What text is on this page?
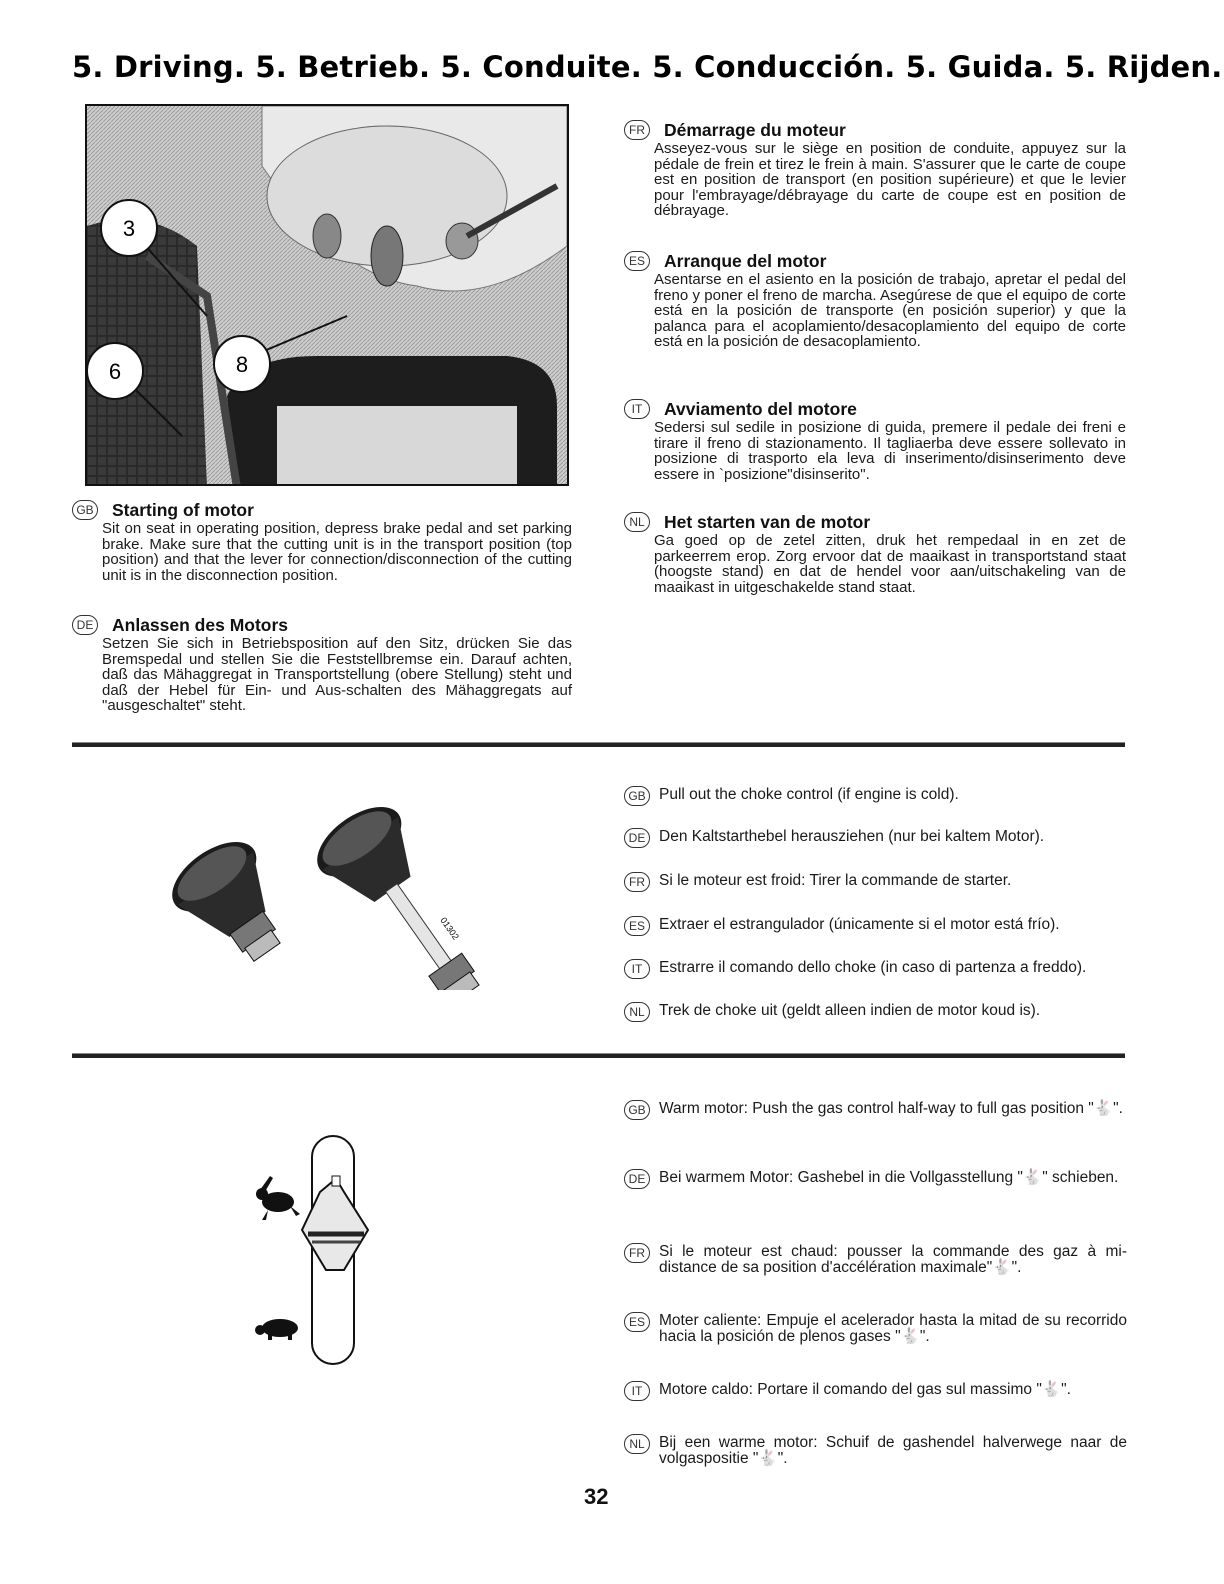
5. Driving. 5. Betrieb. 5. Conduite. 5. Conducción. 5. Guida. 5. Rijden.
3
6	8
GB Starting of motor
Sit on seat in operating position, depress brake pedal and set parking brake. Make sure that the cutting unit is in the transport position (top position) and that the lever for connection/disconnection of the cutting unit is in the disconnection position.
DE Anlassen des Motors
Setzen Sie sich in Betriebsposition auf den Sitz, drücken Sie das Bremspedal und stellen Sie die Feststellbremse ein. Darauf achten, daß das Mähaggregat in Transportstellung (obere Stellung) steht und daß der Hebel für Ein- und Aus-schalten des Mähaggregats auf "ausgeschaltet" steht.
FR Démarrage du moteur
Asseyez-vous sur le siège en position de conduite, appuyez sur la pédale de frein et tirez le frein à main. S'assurer que le carte de coupe est en position de transport (en position supérieure) et que le levier pour l'embrayage/débrayage du carte de coupe est en position de débrayage.
ES Arranque del motor
Asentarse en el asiento en la posición de trabajo, apretar el pedal del freno y poner el freno de marcha. Asegúrese de que el equipo de corte está en la posición de transporte (en posición superior) y que la palanca para el acoplamiento/desacoplamiento del equipo de corte está en la posición de desacoplamiento.
IT	Avviamento del motore
Sedersi sul sedile in posizione di guida, premere il pedale dei freni e tirare il freno di stazionamento. Il tagliaerba deve essere sollevato in posizione di trasporto ela leva di inserimento/disinserimento deve essere in `posizione"disinserito".
NL	Het starten van de motor
Ga goed op de zetel zitten, druk het rempedaal in en zet de parkeerrem erop. Zorg ervoor dat de maaikast in transportstand staat (hoogste stand) en dat de hendel voor aan/uitschakeling van de maaikast in uitgeschakelde stand staat.
01302
GB Pull out the choke control (if engine is cold).
DE Den Kaltstarthebel herausziehen (nur bei kaltem Motor).
FR Si le moteur est froid: Tirer la commande de starter.
ES Extraer el estrangulador (únicamente si el motor está frío).
IT	Estrarre il comando dello choke (in caso di partenza a freddo).
NL Trek de choke uit (geldt alleen indien de motor koud is).
GB Warm motor: Push the gas control half-way to full gas position "🐇".
DE Bei warmem Motor: Gashebel in die Vollgasstellung "🐇" schieben.
FR Si le moteur est chaud: pousser la commande des gaz à mi-distance de sa position d'accélération maximale"🐇".
ES Moter caliente: Empuje el acelerador hasta la mitad de su recorrido hacia la posición de plenos gases "🐇".
IT	Motore caldo: Portare il comando del gas sul massimo "🐇".
NL Bij een warme motor: Schuif de gashendel halverwege naar de volgaspositie "🐇".
32
